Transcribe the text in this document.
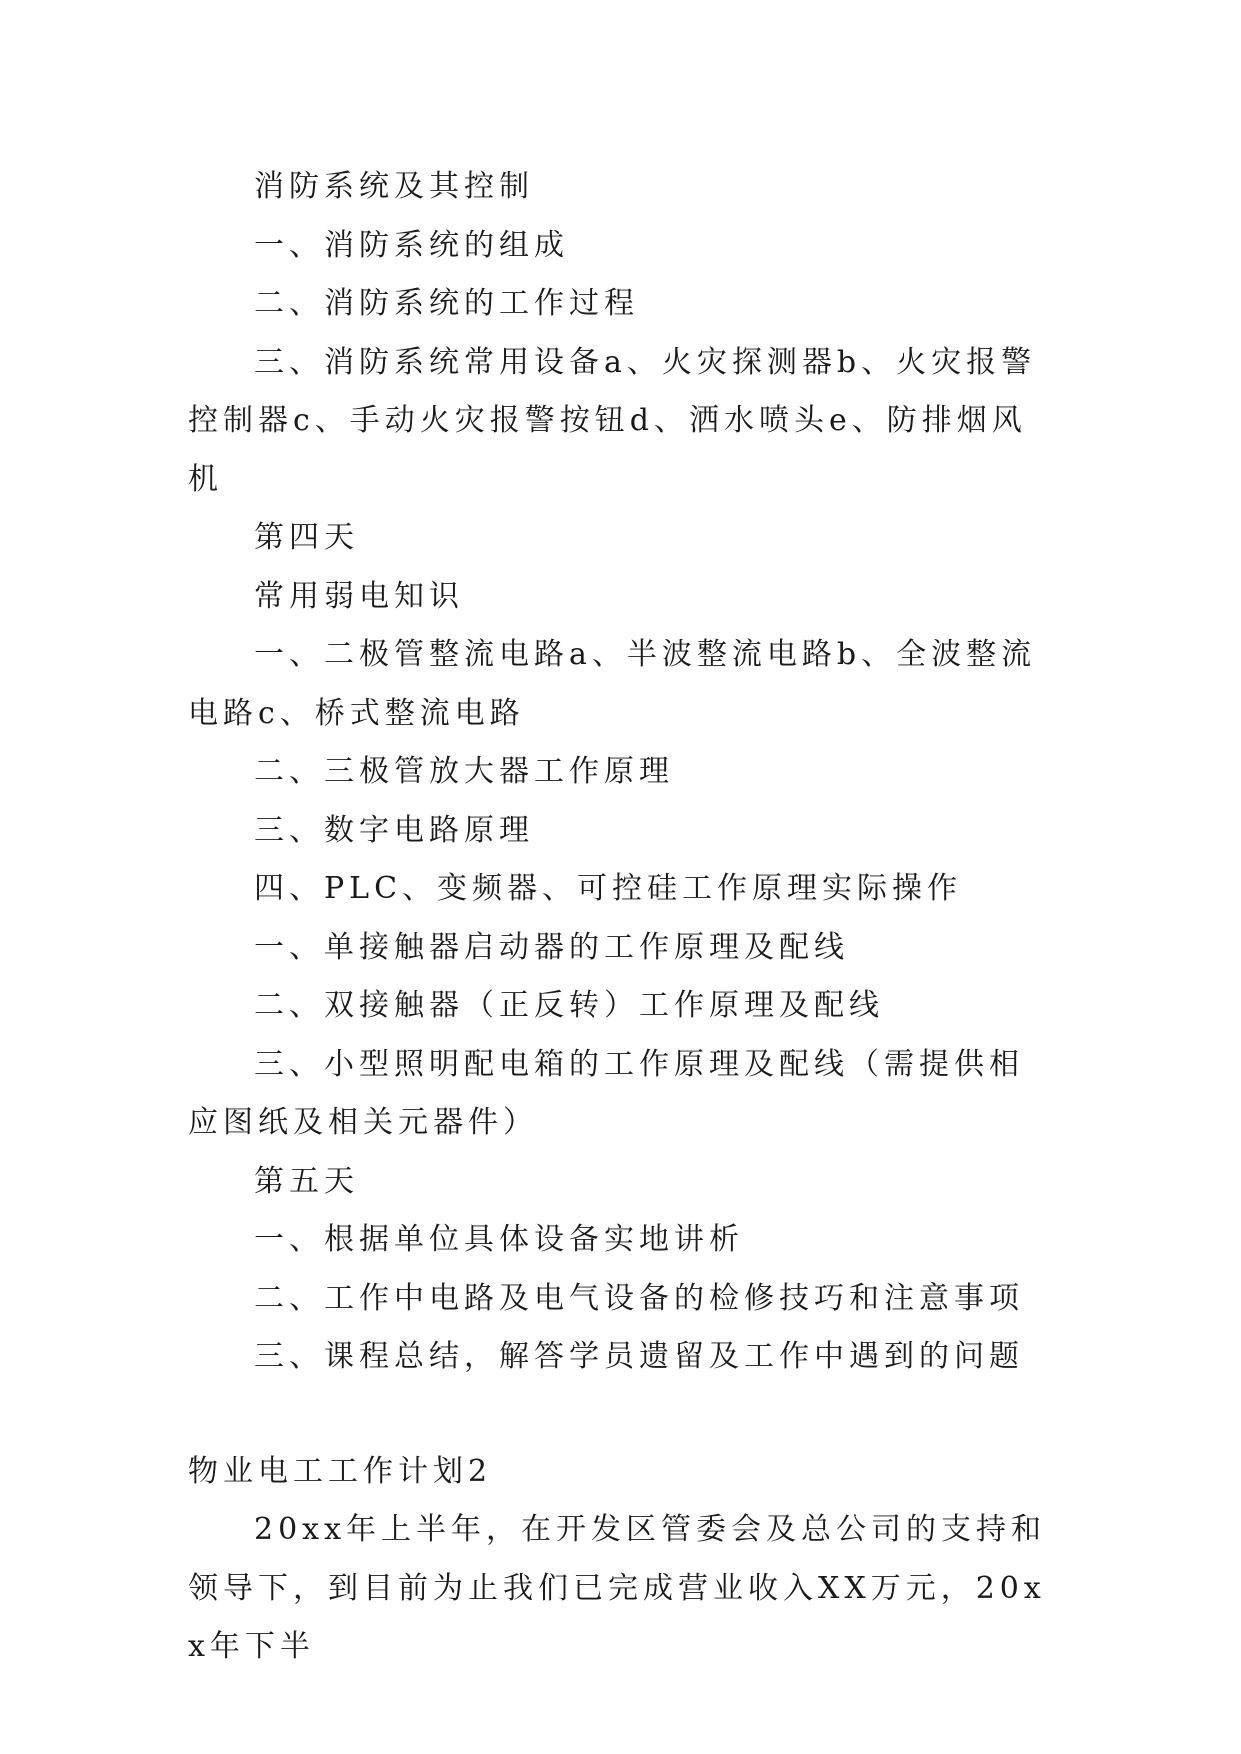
消防系统及其控制

一、消防系统的组成

二、消防系统的工作过程

三、消防系统常用设备a、火灾探测器b、火灾报警控制器c、手动火灾报警按钮d、洒水喷头e、防排烟风机

第四天

常用弱电知识

一、二极管整流电路a、半波整流电路b、全波整流电路c、桥式整流电路

二、三极管放大器工作原理

三、数字电路原理

四、PLC、变频器、可控硅工作原理实际操作

一、单接触器启动器的工作原理及配线

二、双接触器（正反转）工作原理及配线

三、小型照明配电箱的工作原理及配线（需提供相应图纸及相关元器件）

第五天

一、根据单位具体设备实地讲析

二、工作中电路及电气设备的检修技巧和注意事项

三、课程总结，解答学员遗留及工作中遇到的问题

物业电工工作计划2

20xx年上半年，在开发区管委会及总公司的支持和领导下，到目前为止我们已完成营业收入XX万元，20xx年下半
